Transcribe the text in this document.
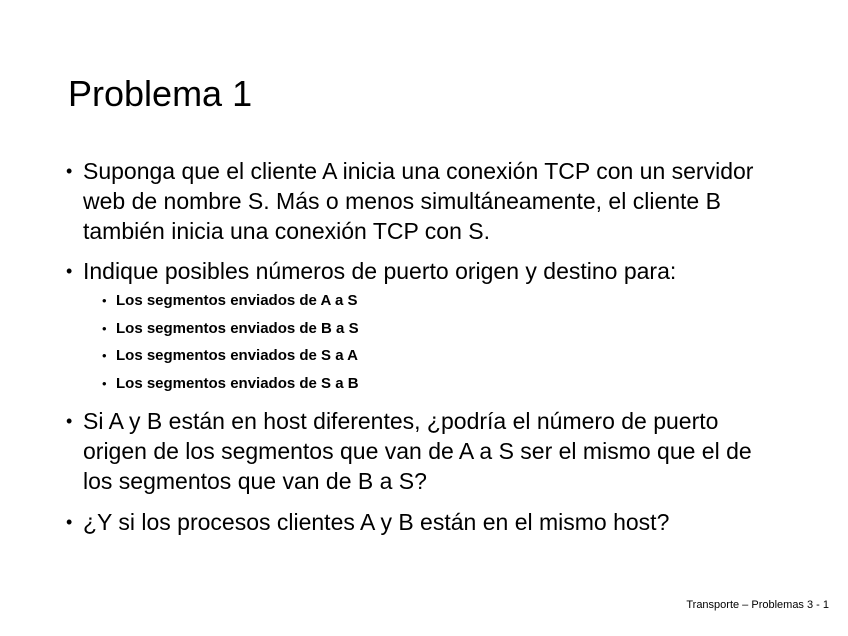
Problema 1
• Suponga que el cliente A inicia una conexión TCP con un servidor web de nombre S. Más o menos simultáneamente, el cliente B también inicia una conexión TCP con S.
• Indique posibles números de puerto origen y destino para:
• Los segmentos enviados de A a S
• Los segmentos enviados de B a S
• Los segmentos enviados de S a A
• Los segmentos enviados de S a B
• Si A y B están en host diferentes, ¿podría el número de puerto origen de los segmentos que van de A a S ser el mismo que el de los segmentos que van de B a S?
• ¿Y si los procesos clientes A y B están en el mismo host?
Transporte – Problemas 3 - 1
